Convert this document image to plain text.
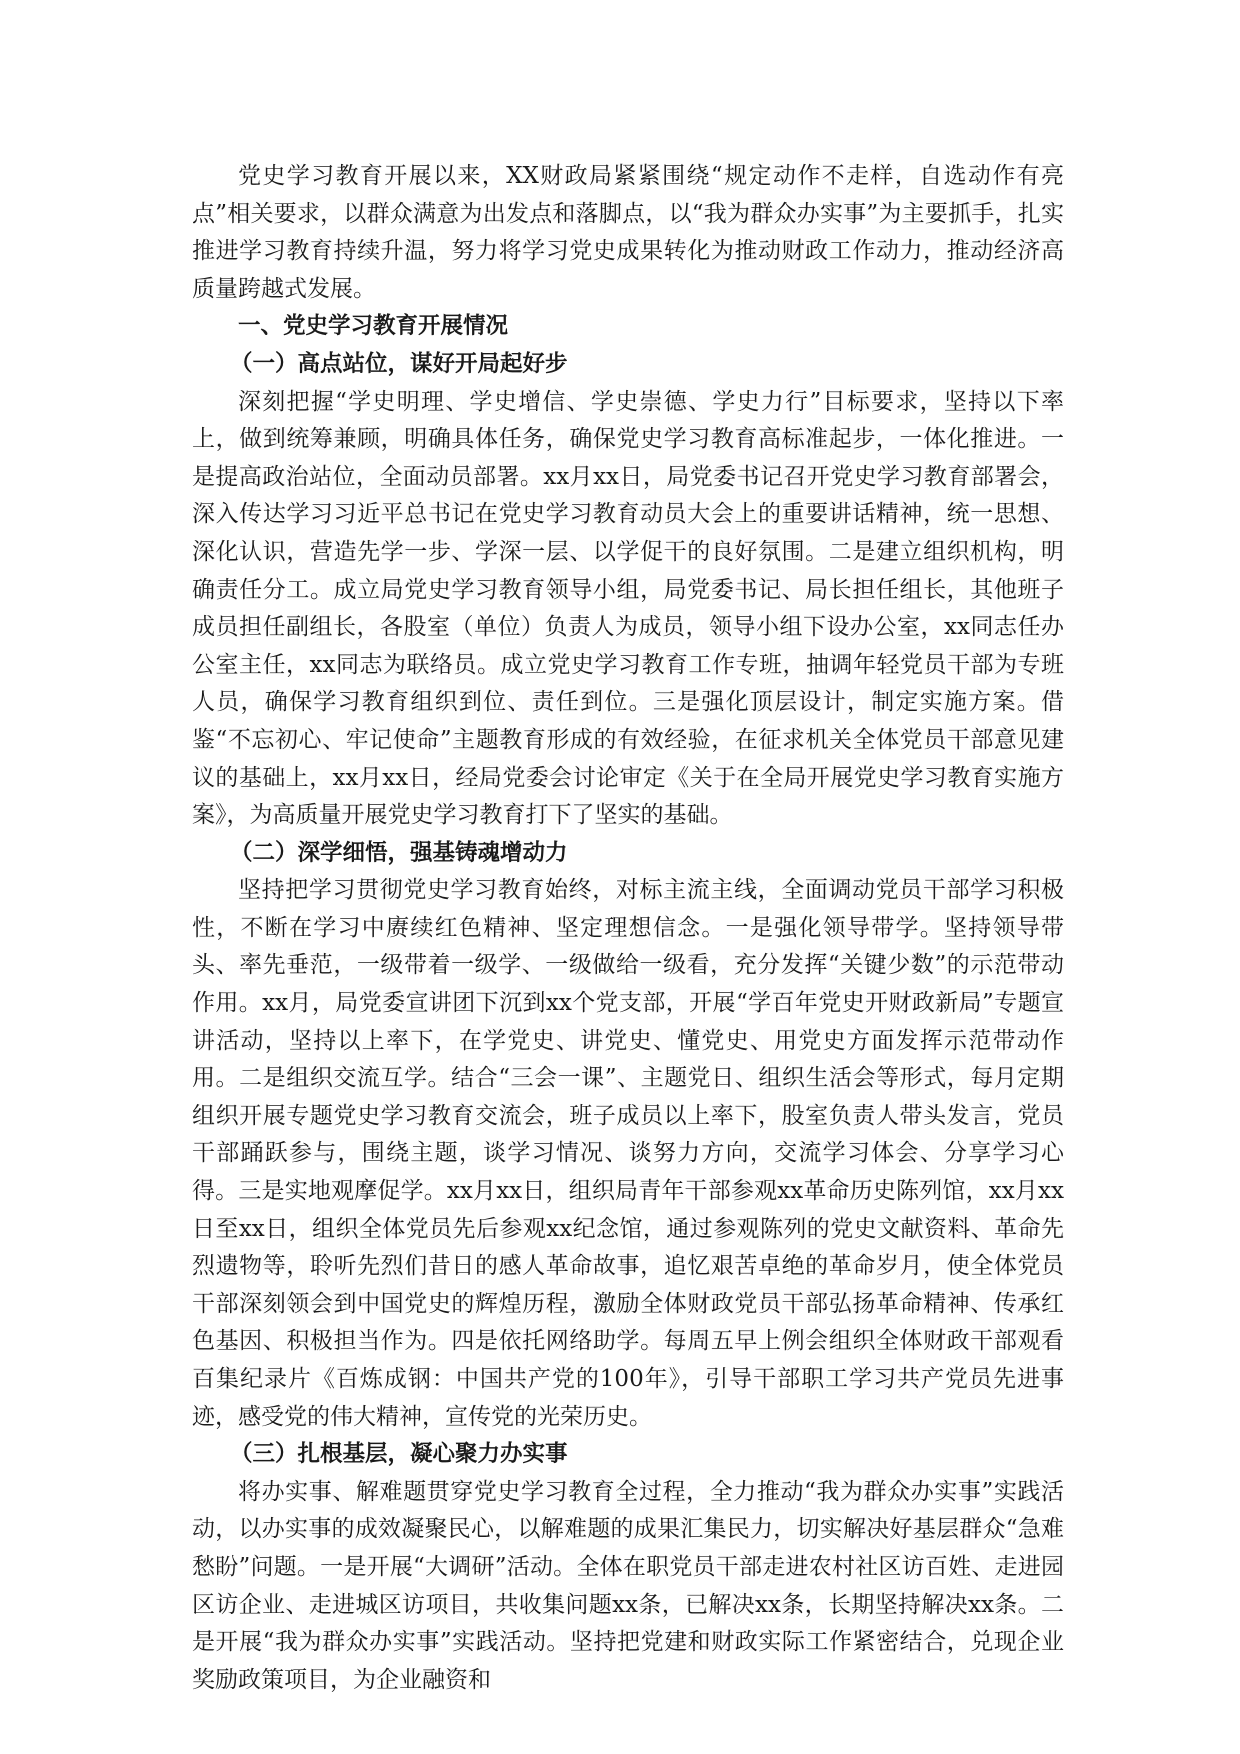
党史学习教育开展以来，XX财政局紧紧围绕“规定动作不走样，自选动作有亮点”相关要求，以群众满意为出发点和落脚点，以“我为群众办实事”为主要抓手，扎实推进学习教育持续升温，努力将学习党史成果转化为推动财政工作动力，推动经济高质量跨越式发展。

一、党史学习教育开展情况

（一）高点站位，谋好开局起好步

深刻把握“学史明理、学史增信、学史崇德、学史力行”目标要求，坚持以下率上，做到统筹兼顾，明确具体任务，确保党史学习教育高标准起步，一体化推进。一是提高政治站位，全面动员部署。xx月xx日，局党委书记召开党史学习教育部署会，深入传达学习习近平总书记在党史学习教育动员大会上的重要讲话精神，统一思想、深化认识，营造先学一步、学深一层、以学促干的良好氛围。二是建立组织机构，明确责任分工。成立局党史学习教育领导小组，局党委书记、局长担任组长，其他班子成员担任副组长，各股室（单位）负责人为成员，领导小组下设办公室，xx同志任办公室主任，xx同志为联络员。成立党史学习教育工作专班，抽调年轻党员干部为专班人员，确保学习教育组织到位、责任到位。三是强化顶层设计，制定实施方案。借鉴“不忘初心、牢记使命”主题教育形成的有效经验，在征求机关全体党员干部意见建议的基础上，xx月xx日，经局党委会讨论审定《关于在全局开展党史学习教育实施方案》，为高质量开展党史学习教育打下了坚实的基础。

（二）深学细悟，强基铸魂增动力

坚持把学习贯彻党史学习教育始终，对标主流主线，全面调动党员干部学习积极性，不断在学习中赓续红色精神、坚定理想信念。一是强化领导带学。坚持领导带头、率先垂范，一级带着一级学、一级做给一级看，充分发挥“关键少数”的示范带动作用。xx月，局党委宣讲团下沉到xx个党支部，开展“学百年党史开财政新局”专题宣讲活动，坚持以上率下，在学党史、讲党史、懂党史、用党史方面发挥示范带动作用。二是组织交流互学。结合“三会一课”、主题党日、组织生活会等形式，每月定期组织开展专题党史学习教育交流会，班子成员以上率下，股室负责人带头发言，党员干部踊跃参与，围绕主题，谈学习情况、谈努力方向，交流学习体会、分享学习心得。三是实地观摩促学。xx月xx日，组织局青年干部参观xx革命历史陈列馆，xx月xx日至xx日，组织全体党员先后参观xx纪念馆，通过参观陈列的党史文献资料、革命先烈遗物等，聆听先烈们昔日的感人革命故事，追忆艰苦卓绝的革命岁月，使全体党员干部深刻领会到中国党史的辉煌历程，激励全体财政党员干部弘扬革命精神、传承红色基因、积极担当作为。四是依托网络助学。每周五早上例会组织全体财政干部观看百集纪录片《百炼成钢：中国共产党的100年》，引导干部职工学习共产党员先进事迹，感受党的伟大精神，宣传党的光荣历史。

（三）扎根基层，凝心聚力办实事

将办实事、解难题贯穿党史学习教育全过程，全力推动“我为群众办实事”实践活动，以办实事的成效凝聚民心，以解难题的成果汇集民力，切实解决好基层群众“急难愁盼”问题。一是开展“大调研”活动。全体在职党员干部走进农村社区访百姓、走进园区访企业、走进城区访项目，共收集问题xx条，已解决xx条，长期坚持解决xx条。二是开展“我为群众办实事”实践活动。坚持把党建和财政实际工作紧密结合，兑现企业奖励政策项目，为企业融资和
